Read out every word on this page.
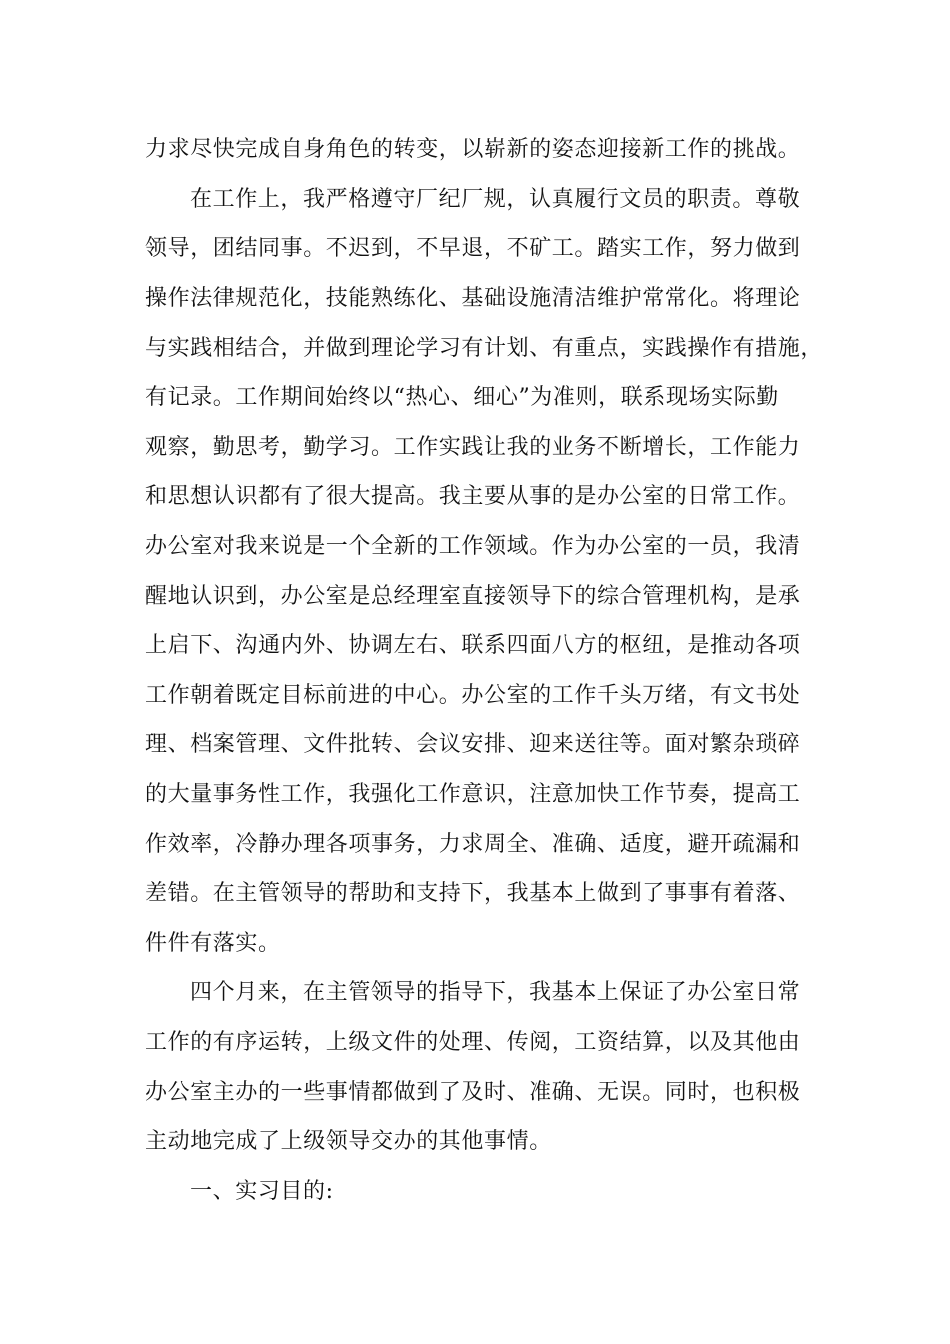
力求尽快完成自身角色的转变，以崭新的姿态迎接新工作的挑战。
在工作上，我严格遵守厂纪厂规，认真履行文员的职责。尊敬
领导，团结同事。不迟到，不早退，不矿工。踏实工作，努力做到
操作法律规范化，技能熟练化、基础设施清洁维护常常化。将理论
与实践相结合，并做到理论学习有计划、有重点，实践操作有措施，
有记录。工作期间始终以“热心、细心”为准则，联系现场实际勤
观察，勤思考，勤学习。工作实践让我的业务不断增长，工作能力
和思想认识都有了很大提高。我主要从事的是办公室的日常工作。
办公室对我来说是一个全新的工作领域。作为办公室的一员，我清
醒地认识到，办公室是总经理室直接领导下的综合管理机构，是承
上启下、沟通内外、协调左右、联系四面八方的枢纽，是推动各项
工作朝着既定目标前进的中心。办公室的工作千头万绪，有文书处
理、档案管理、文件批转、会议安排、迎来送往等。面对繁杂琐碎
的大量事务性工作，我强化工作意识，注意加快工作节奏，提高工
作效率，冷静办理各项事务，力求周全、准确、适度，避开疏漏和
差错。在主管领导的帮助和支持下，我基本上做到了事事有着落、
件件有落实。
四个月来，在主管领导的指导下，我基本上保证了办公室日常
工作的有序运转，上级文件的处理、传阅，工资结算，以及其他由
办公室主办的一些事情都做到了及时、准确、无误。同时，也积极
主动地完成了上级领导交办的其他事情。
一、实习目的:
